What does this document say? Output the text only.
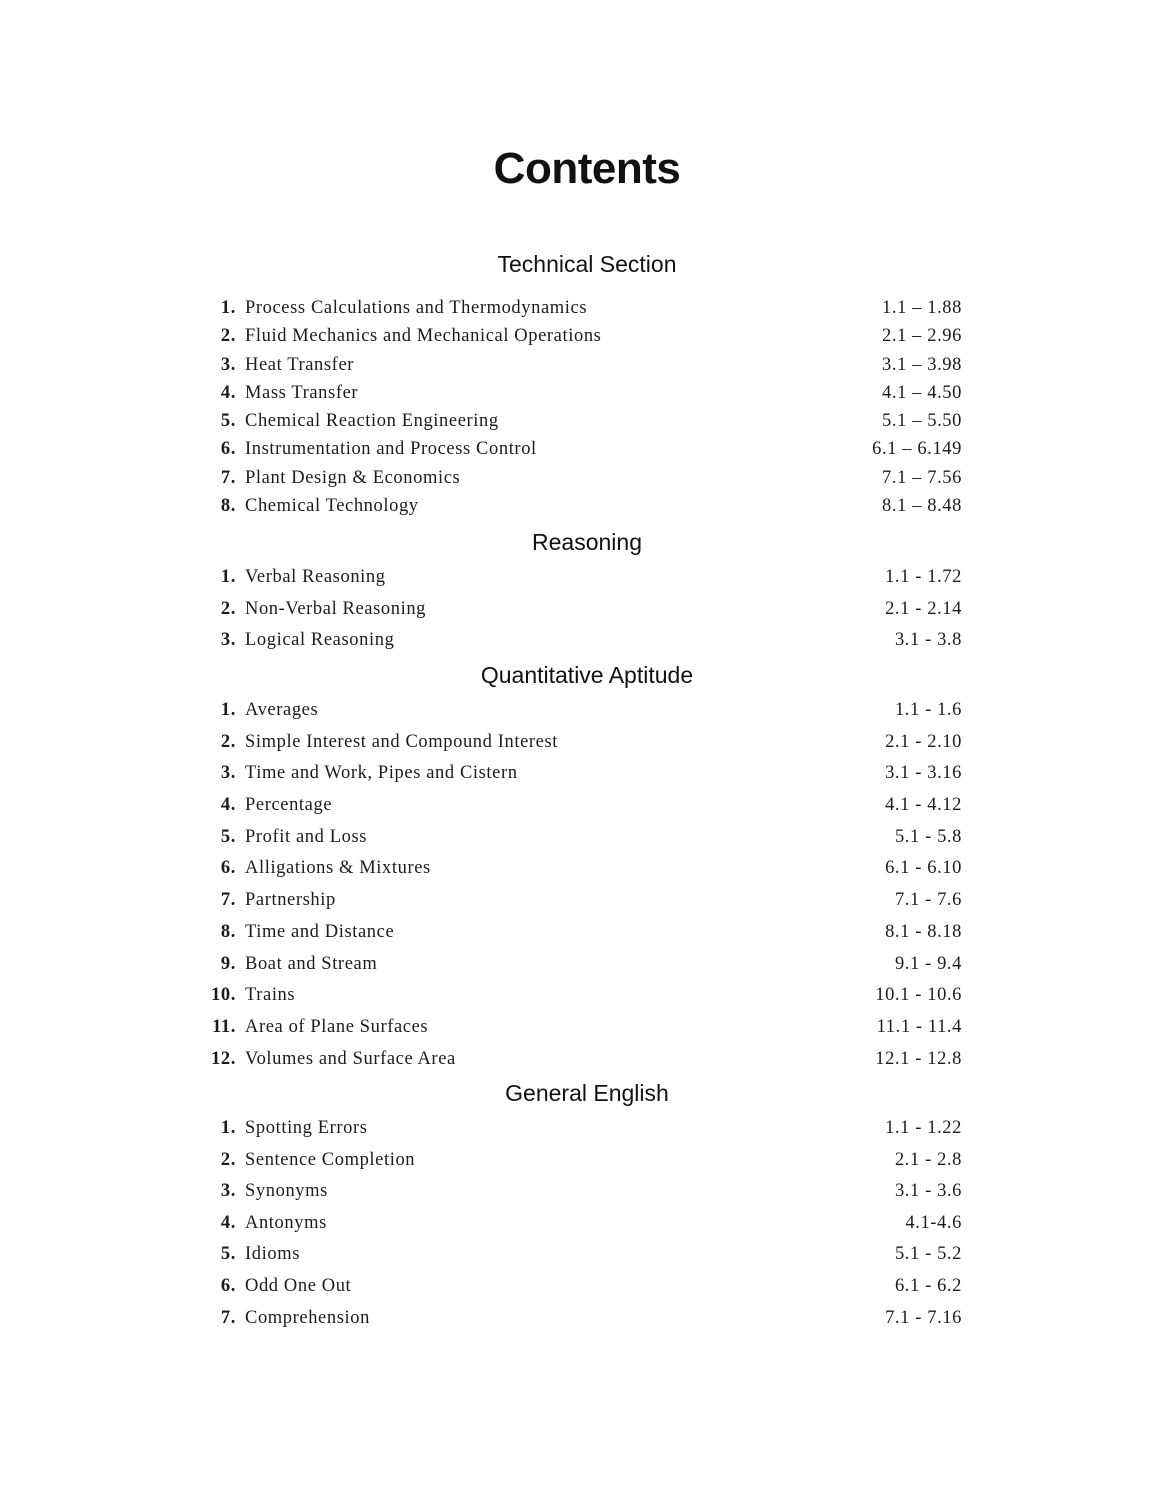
Contents
Technical Section
1. Process Calculations and Thermodynamics	1.1 – 1.88
2. Fluid Mechanics and Mechanical Operations	2.1 – 2.96
3. Heat Transfer	3.1 – 3.98
4. Mass Transfer	4.1 – 4.50
5. Chemical Reaction Engineering	5.1 – 5.50
6. Instrumentation and Process Control	6.1 – 6.149
7. Plant Design & Economics	7.1 – 7.56
8. Chemical Technology	8.1 – 8.48
Reasoning
1. Verbal Reasoning	1.1 - 1.72
2. Non-Verbal Reasoning	2.1 - 2.14
3. Logical Reasoning	3.1 - 3.8
Quantitative Aptitude
1. Averages	1.1 - 1.6
2. Simple Interest and Compound Interest	2.1 - 2.10
3. Time and Work, Pipes and Cistern	3.1 - 3.16
4. Percentage	4.1 - 4.12
5. Profit and Loss	5.1 - 5.8
6. Alligations & Mixtures	6.1 - 6.10
7. Partnership	7.1 - 7.6
8. Time and Distance	8.1 - 8.18
9. Boat and Stream	9.1 - 9.4
10. Trains	10.1 - 10.6
11. Area of Plane Surfaces	11.1 - 11.4
12. Volumes and Surface Area	12.1 - 12.8
General English
1. Spotting Errors	1.1 - 1.22
2. Sentence Completion	2.1 - 2.8
3. Synonyms	3.1 - 3.6
4. Antonyms	4.1-4.6
5. Idioms	5.1 - 5.2
6. Odd One Out	6.1 - 6.2
7. Comprehension	7.1 - 7.16
